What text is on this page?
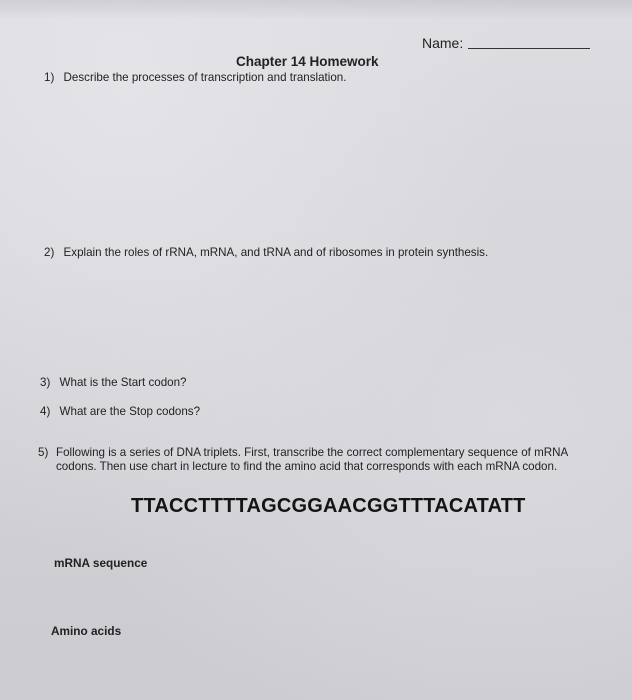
Name:
Chapter 14 Homework
1) Describe the processes of transcription and translation.
2) Explain the roles of rRNA, mRNA, and tRNA and of ribosomes in protein synthesis.
3) What is the Start codon?
4) What are the Stop codons?
5) Following is a series of DNA triplets. First, transcribe the correct complementary sequence of mRNA codons. Then use chart in lecture to find the amino acid that corresponds with each mRNA codon.
TTACCTTTTAGCGGAACGGTTTACATATT
mRNA sequence
Amino acids
